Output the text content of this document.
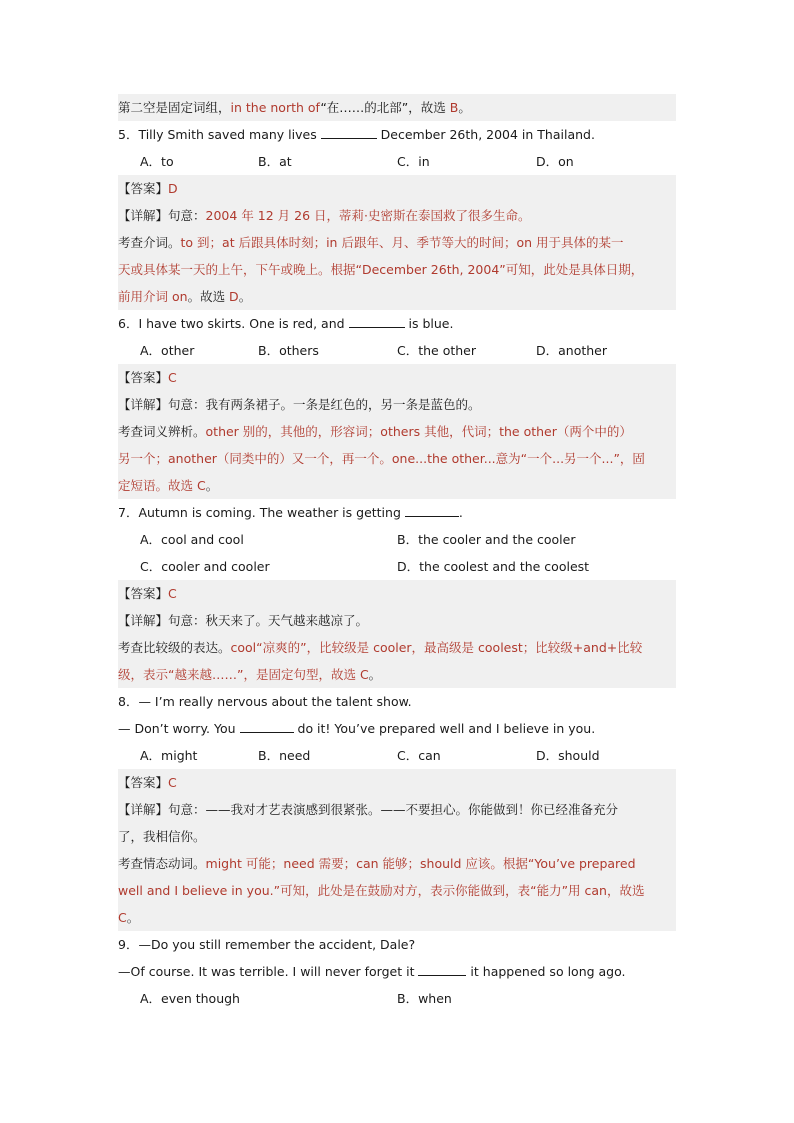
第二空是固定词组，in the north of“在……的北部”，故选 B。
5．Tilly Smith saved many lives	December 26th, 2004 in Thailand.
A．to	B．at	C．in	D．on
【答案】D
【详解】句意：2004 年 12 月 26 日，蒂莉·史密斯在泰国救了很多生命。
考查介词。to 到；at 后跟具体时刻；in 后跟年、月、季节等大的时间；on 用于具体的某一
天或具体某一天的上午，下午或晚上。根据“December 26th, 2004”可知，此处是具体日期，
前用介词 on。故选 D。
6．I have two skirts. One is red, and	is blue.
A．other	B．others	C．the other	D．another
【答案】C
【详解】句意：我有两条裙子。一条是红色的，另一条是蓝色的。
考查词义辨析。other 别的，其他的，形容词；others 其他，代词；the other（两个中的）
另一个；another（同类中的）又一个，再一个。one...the other...意为“一个...另一个...”，固
定短语。故选 C。
7．Autumn is coming. The weather is getting	.
A．cool and cool	B．the cooler and the cooler
C．cooler and cooler	D．the coolest and the coolest
【答案】C
【详解】句意：秋天来了。天气越来越凉了。
考查比较级的表达。cool“凉爽的”，比较级是 cooler，最高级是 coolest；比较级+and+比较
级，表示“越来越……”，是固定句型，故选 C。
8．— I’m really nervous about the talent show.
— Don’t worry. You	do it! You’ve prepared well and I believe in you.
A．might	B．need	C．can	D．should
【答案】C
【详解】句意：——我对才艺表演感到很紧张。——不要担心。你能做到！你已经准备充分
了，我相信你。
考查情态动词。might 可能；need 需要；can 能够；should 应该。根据“You’ve prepared
well and I believe in you.”可知，此处是在鼓励对方，表示你能做到，表“能力”用 can，故选
C。
9．—Do you still remember the accident, Dale?
—Of course. It was terrible. I will never forget it	it happened so long ago.
A．even though	B．when
